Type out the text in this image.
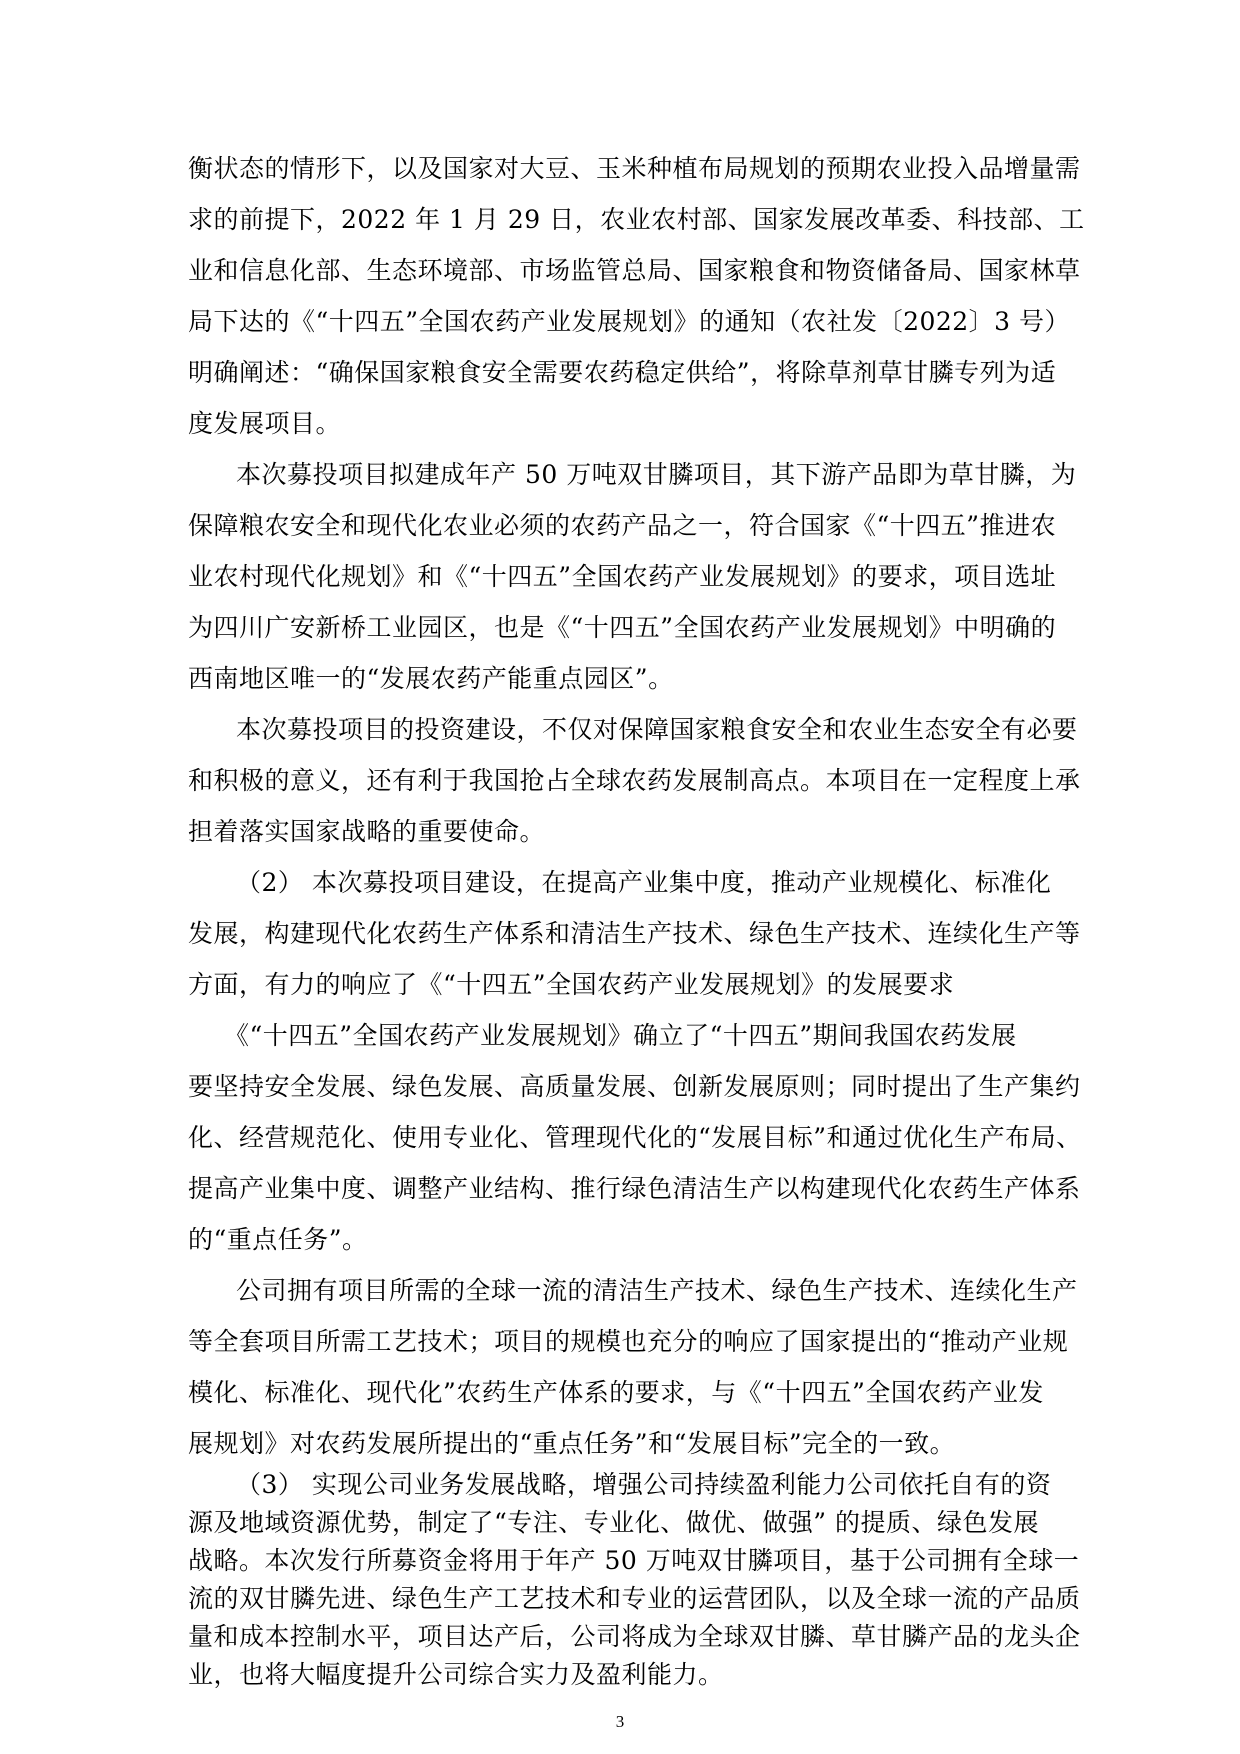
衡状态的情形下，以及国家对大豆、玉米种植布局规划的预期农业投入品增量需
求的前提下，2022 年 1 月 29 日，农业农村部、国家发展改革委、科技部、工
业和信息化部、生态环境部、市场监管总局、国家粮食和物资储备局、国家林草
局下达的《“十四五”全国农药产业发展规划》的通知（农社发〔2022〕3 号）
明确阐述：“确保国家粮食安全需要农药稳定供给”，将除草剂草甘膦专列为适
度发展项目。
本次募投项目拟建成年产 50 万吨双甘膦项目，其下游产品即为草甘膦，为
保障粮农安全和现代化农业必须的农药产品之一，符合国家《“十四五”推进农
业农村现代化规划》和《“十四五”全国农药产业发展规划》的要求，项目选址
为四川广安新桥工业园区，也是《“十四五”全国农药产业发展规划》中明确的
西南地区唯一的“发展农药产能重点园区”。
本次募投项目的投资建设，不仅对保障国家粮食安全和农业生态安全有必要
和积极的意义，还有利于我国抢占全球农药发展制高点。本项目在一定程度上承
担着落实国家战略的重要使命。
（2） 本次募投项目建设，在提高产业集中度，推动产业规模化、标准化
发展，构建现代化农药生产体系和清洁生产技术、绿色生产技术、连续化生产等
方面，有力的响应了《“十四五”全国农药产业发展规划》的发展要求
《“十四五”全国农药产业发展规划》确立了“十四五”期间我国农药发展
要坚持安全发展、绿色发展、高质量发展、创新发展原则；同时提出了生产集约
化、经营规范化、使用专业化、管理现代化的“发展目标”和通过优化生产布局、
提高产业集中度、调整产业结构、推行绿色清洁生产以构建现代化农药生产体系
的“重点任务”。
公司拥有项目所需的全球一流的清洁生产技术、绿色生产技术、连续化生产
等全套项目所需工艺技术；项目的规模也充分的响应了国家提出的“推动产业规
模化、标准化、现代化”农药生产体系的要求，与《“十四五”全国农药产业发
展规划》对农药发展所提出的“重点任务”和“发展目标”完全的一致。
3
（3） 实现公司业务发展战略，增强公司持续盈利能力公司依托自有的资
源及地域资源优势，制定了“专注、专业化、做优、做强” 的提质、绿色发展
战略。本次发行所募资金将用于年产 50 万吨双甘膦项目，基于公司拥有全球一
流的双甘膦先进、绿色生产工艺技术和专业的运营团队，以及全球一流的产品质
量和成本控制水平，项目达产后，公司将成为全球双甘膦、草甘膦产品的龙头企
业，也将大幅度提升公司综合实力及盈利能力。
